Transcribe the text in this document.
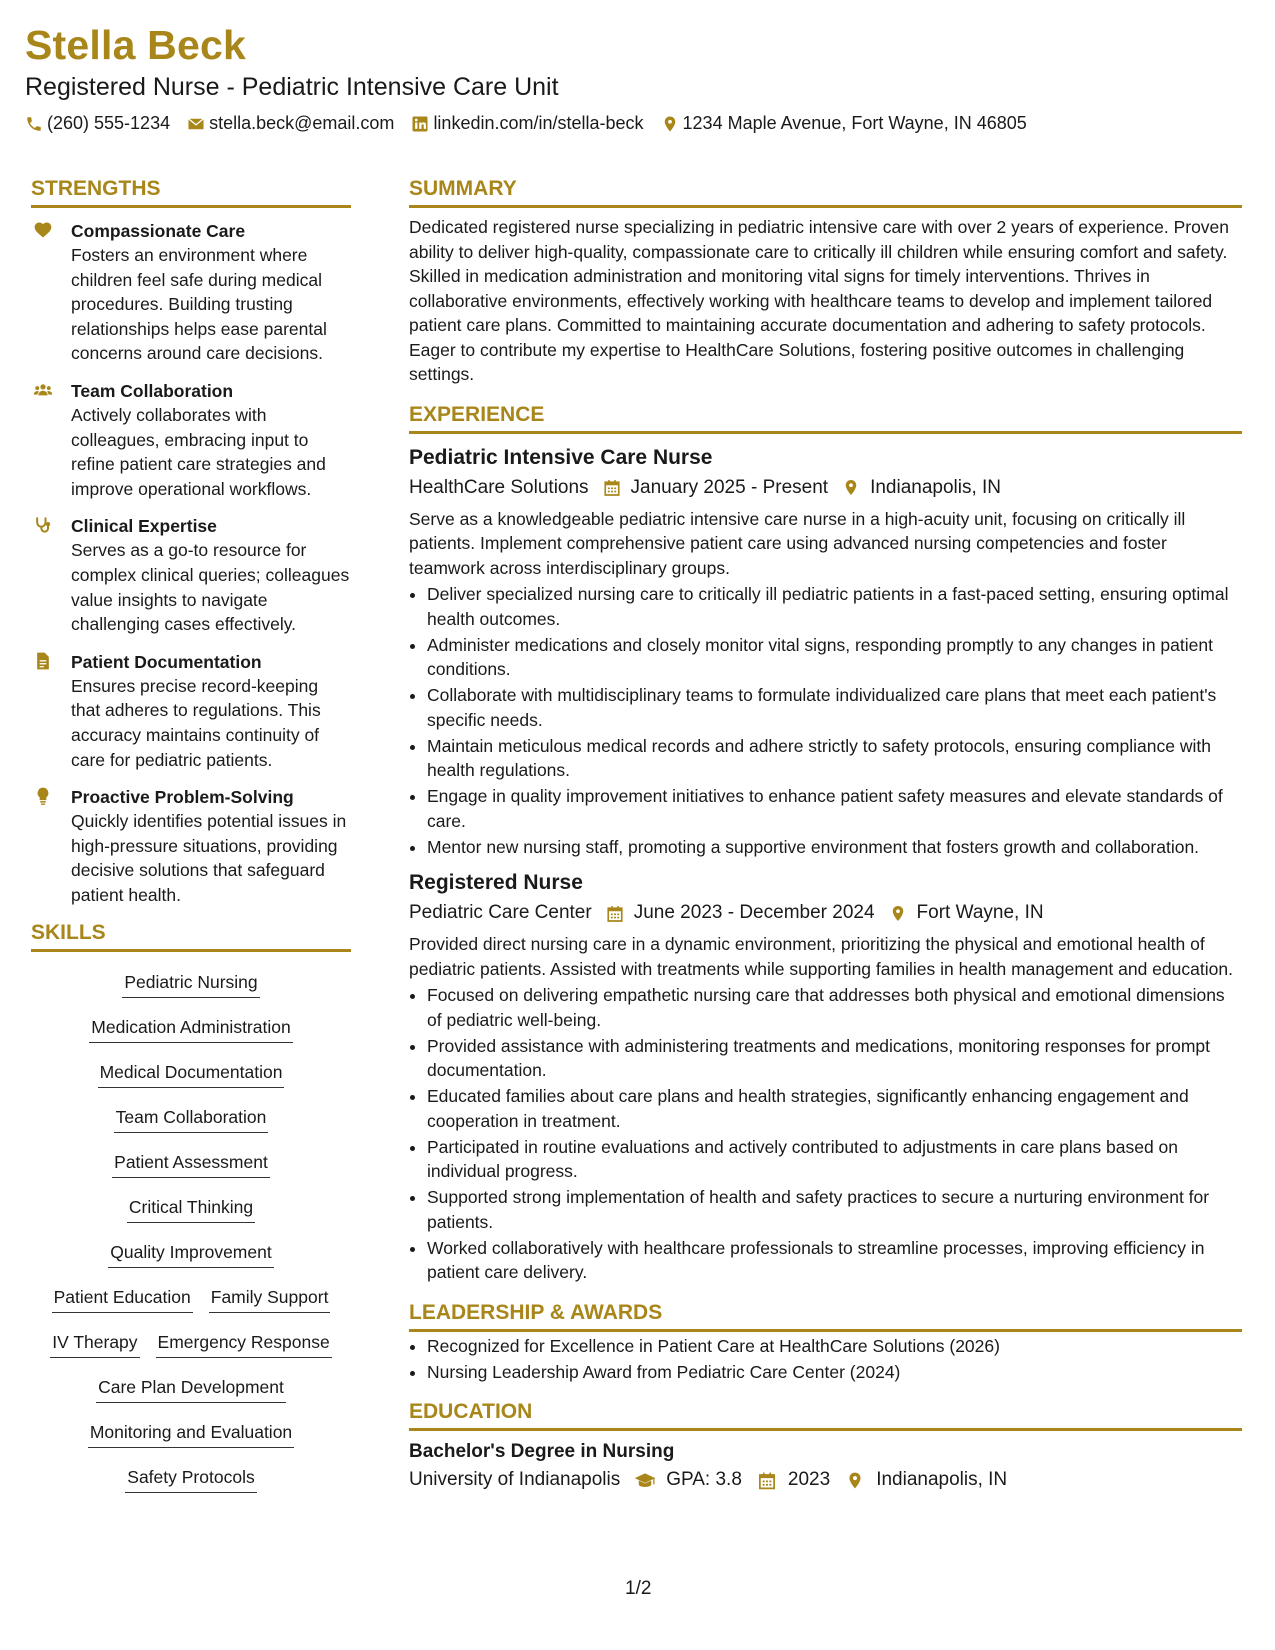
Stella Beck
Registered Nurse - Pediatric Intensive Care Unit
(260) 555-1234 stella.beck@email.com linkedin.com/in/stella-beck 1234 Maple Avenue, Fort Wayne, IN 46805
STRENGTHS
Compassionate Care
Fosters an environment where children feel safe during medical procedures. Building trusting relationships helps ease parental concerns around care decisions.
Team Collaboration
Actively collaborates with colleagues, embracing input to refine patient care strategies and improve operational workflows.
Clinical Expertise
Serves as a go-to resource for complex clinical queries; colleagues value insights to navigate challenging cases effectively.
Patient Documentation
Ensures precise record-keeping that adheres to regulations. This accuracy maintains continuity of care for pediatric patients.
Proactive Problem-Solving
Quickly identifies potential issues in high-pressure situations, providing decisive solutions that safeguard patient health.
SKILLS
Pediatric Nursing
Medication Administration
Medical Documentation
Team Collaboration
Patient Assessment
Critical Thinking
Quality Improvement
Patient Education Family Support
IV Therapy Emergency Response
Care Plan Development
Monitoring and Evaluation
Safety Protocols
SUMMARY
Dedicated registered nurse specializing in pediatric intensive care with over 2 years of experience. Proven ability to deliver high-quality, compassionate care to critically ill children while ensuring comfort and safety. Skilled in medication administration and monitoring vital signs for timely interventions. Thrives in collaborative environments, effectively working with healthcare teams to develop and implement tailored patient care plans. Committed to maintaining accurate documentation and adhering to safety protocols. Eager to contribute my expertise to HealthCare Solutions, fostering positive outcomes in challenging settings.
EXPERIENCE
Pediatric Intensive Care Nurse
HealthCare Solutions January 2025 - Present Indianapolis, IN
Serve as a knowledgeable pediatric intensive care nurse in a high-acuity unit, focusing on critically ill patients. Implement comprehensive patient care using advanced nursing competencies and foster teamwork across interdisciplinary groups.
• Deliver specialized nursing care to critically ill pediatric patients in a fast-paced setting, ensuring optimal health outcomes.
• Administer medications and closely monitor vital signs, responding promptly to any changes in patient conditions.
• Collaborate with multidisciplinary teams to formulate individualized care plans that meet each patient's specific needs.
• Maintain meticulous medical records and adhere strictly to safety protocols, ensuring compliance with health regulations.
• Engage in quality improvement initiatives to enhance patient safety measures and elevate standards of care.
• Mentor new nursing staff, promoting a supportive environment that fosters growth and collaboration.
Registered Nurse
Pediatric Care Center June 2023 - December 2024 Fort Wayne, IN
Provided direct nursing care in a dynamic environment, prioritizing the physical and emotional health of pediatric patients. Assisted with treatments while supporting families in health management and education.
• Focused on delivering empathetic nursing care that addresses both physical and emotional dimensions of pediatric well-being.
• Provided assistance with administering treatments and medications, monitoring responses for prompt documentation.
• Educated families about care plans and health strategies, significantly enhancing engagement and cooperation in treatment.
• Participated in routine evaluations and actively contributed to adjustments in care plans based on individual progress.
• Supported strong implementation of health and safety practices to secure a nurturing environment for patients.
• Worked collaboratively with healthcare professionals to streamline processes, improving efficiency in patient care delivery.
LEADERSHIP & AWARDS
• Recognized for Excellence in Patient Care at HealthCare Solutions (2026)
• Nursing Leadership Award from Pediatric Care Center (2024)
EDUCATION
Bachelor's Degree in Nursing
University of Indianapolis GPA: 3.8 2023 Indianapolis, IN
1/2
